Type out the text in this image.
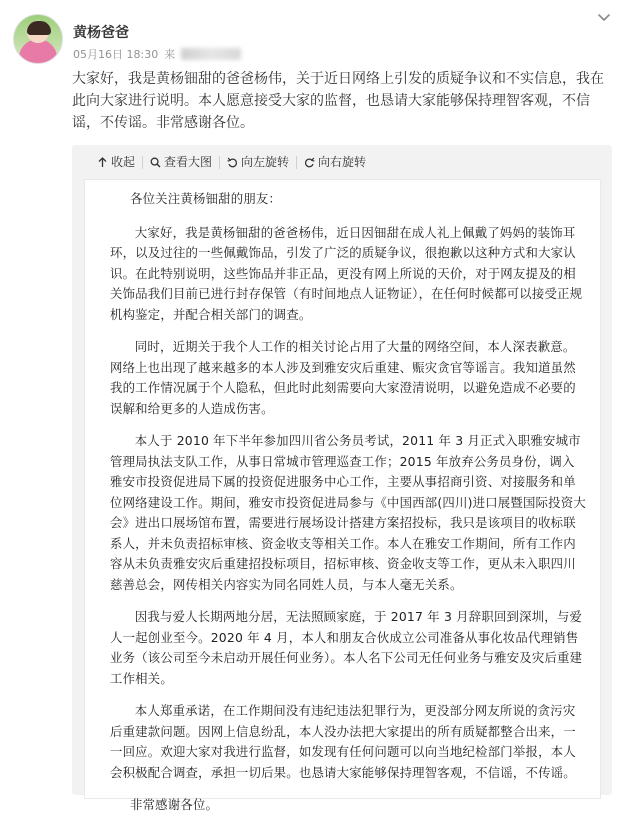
黄杨爸爸
05月16日 18:30 来
大家好，我是黄杨钿甜的爸爸杨伟，关于近日网络上引发的质疑争议和不实信息，我在此向大家进行说明。本人愿意接受大家的监督，也恳请大家能够保持理智客观，不信谣，不传谣。非常感谢各位。
收起 查看大图 向左旋转 向右旋转

各位关注黄杨钿甜的朋友：

大家好，我是黄杨钿甜的爸爸杨伟，近日因钿甜在成人礼上佩戴了妈妈的装饰耳环，以及过往的一些佩戴饰品，引发了广泛的质疑争议，很抱歉以这种方式和大家认识。在此特别说明，这些饰品并非正品，更没有网上所说的天价，对于网友提及的相关饰品我们目前已进行封存保管（有时间地点人证物证），在任何时候都可以接受正规机构鉴定，并配合相关部门的调查。

同时，近期关于我个人工作的相关讨论占用了大量的网络空间，本人深表歉意。网络上也出现了越来越多的本人涉及到雅安灾后重建、赈灾贪官等谣言。我知道虽然我的工作情况属于个人隐私，但此时此刻需要向大家澄清说明，以避免造成不必要的误解和给更多的人造成伤害。

本人于 2010 年下半年参加四川省公务员考试，2011 年 3 月正式入职雅安城市管理局执法支队工作，从事日常城市管理巡查工作；2015 年放弃公务员身份，调入雅安市投资促进局下属的投资促进服务中心工作，主要从事招商引资、对接服务和单位网络建设工作。期间，雅安市投资促进局参与《中国西部(四川)进口展暨国际投资大会》进出口展场馆布置，需要进行展场设计搭建方案招投标，我只是该项目的收标联系人，并未负责招标审核、资金收支等相关工作。本人在雅安工作期间，所有工作内容从未负责雅安灾后重建招投标项目，招标审核、资金收支等工作，更从未入职四川慈善总会，网传相关内容实为同名同姓人员，与本人毫无关系。

因我与爱人长期两地分居，无法照顾家庭，于 2017 年 3 月辞职回到深圳，与爱人一起创业至今。2020 年 4 月，本人和朋友合伙成立公司准备从事化妆品代理销售业务（该公司至今未启动开展任何业务）。本人名下公司无任何业务与雅安及灾后重建工作相关。

本人郑重承诺，在工作期间没有违纪违法犯罪行为，更没部分网友所说的贪污灾后重建款问题。因网上信息纷乱，本人没办法把大家提出的所有质疑都整合出来，一一回应。欢迎大家对我进行监督，如发现有任何问题可以向当地纪检部门举报，本人会积极配合调查，承担一切后果。也恳请大家能够保持理智客观，不信谣，不传谣。

非常感谢各位。
